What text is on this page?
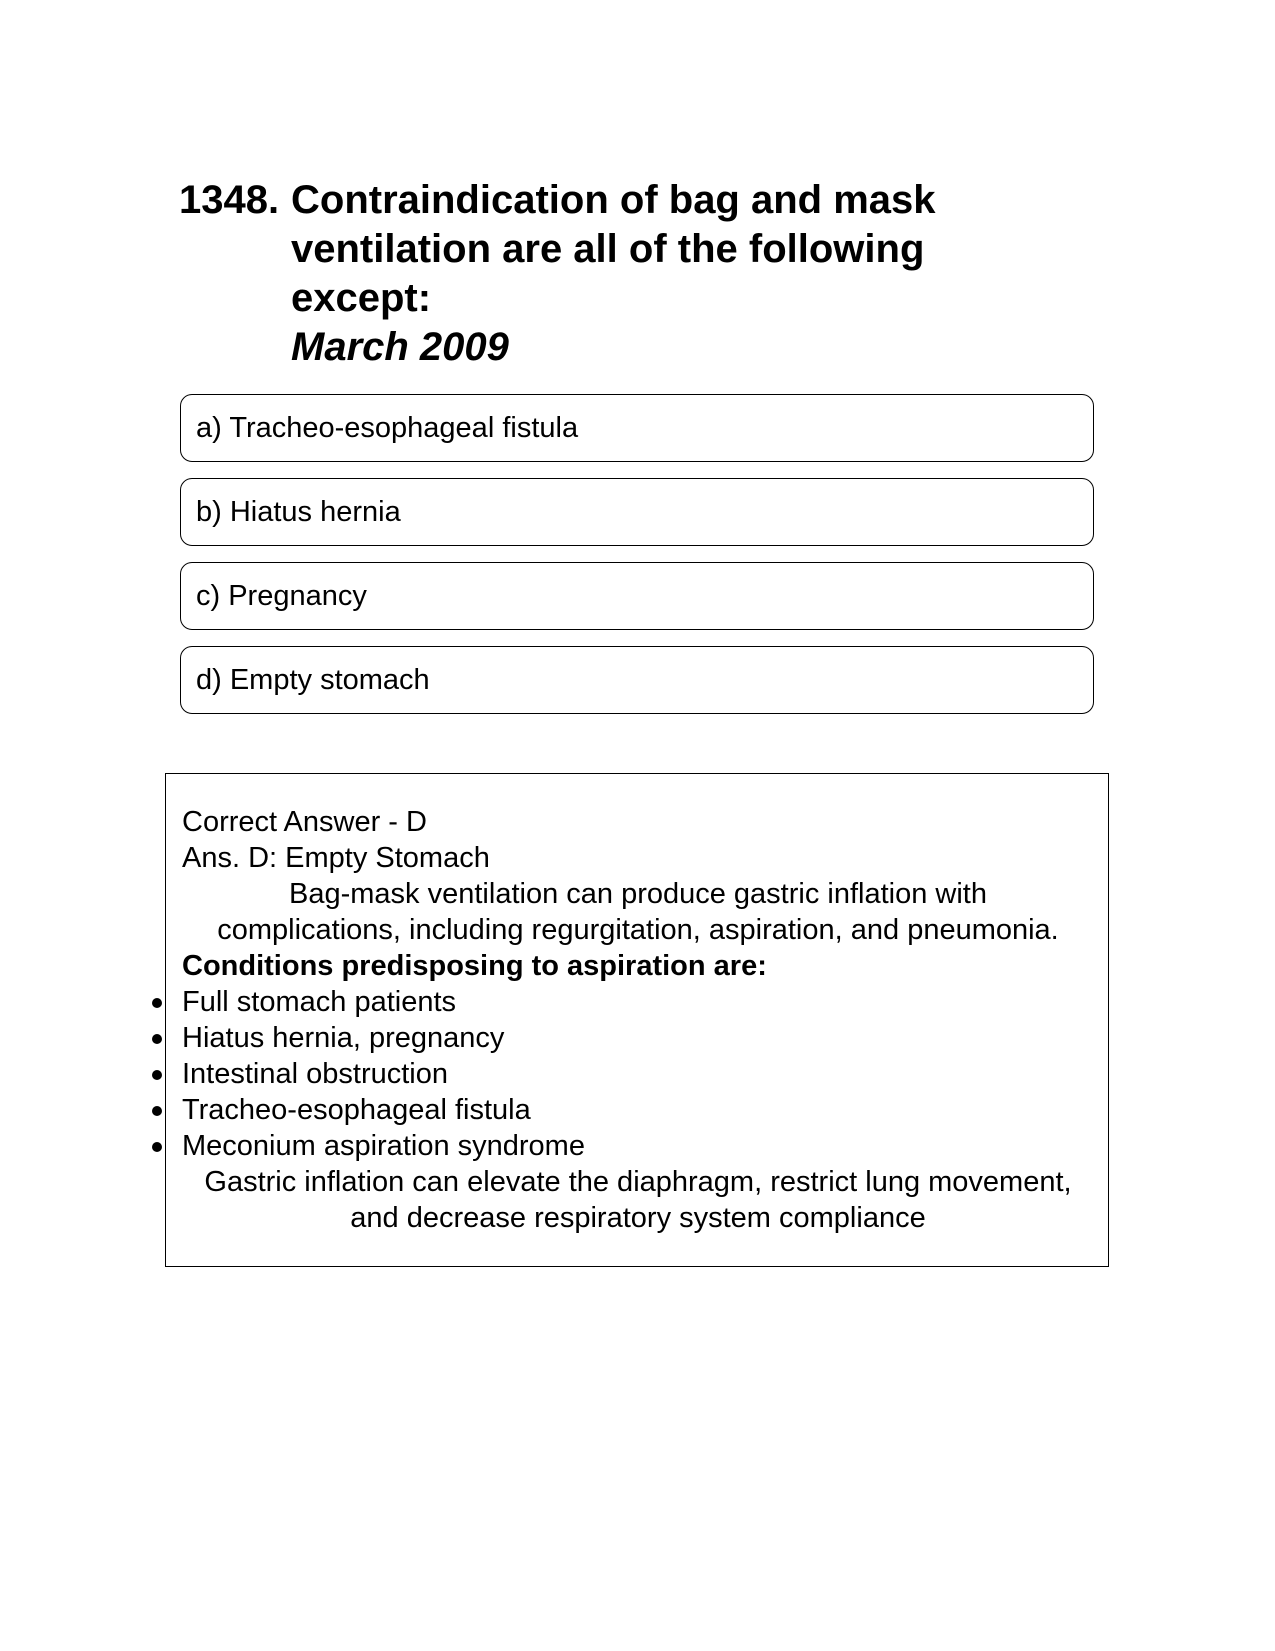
1348. Contraindication of bag and mask ventilation are all of the following except:
March 2009
a) Tracheo-esophageal fistula
b) Hiatus hernia
c) Pregnancy
d) Empty stomach
Correct Answer - D
Ans. D: Empty Stomach
Bag-mask ventilation can produce gastric inflation with
complications, including regurgitation, aspiration, and pneumonia.
Conditions predisposing to aspiration are:
Full stomach patients
Hiatus hernia, pregnancy
Intestinal obstruction
Tracheo-esophageal fistula
Meconium aspiration syndrome
Gastric inflation can elevate the diaphragm, restrict lung movement,
and decrease respiratory system compliance
